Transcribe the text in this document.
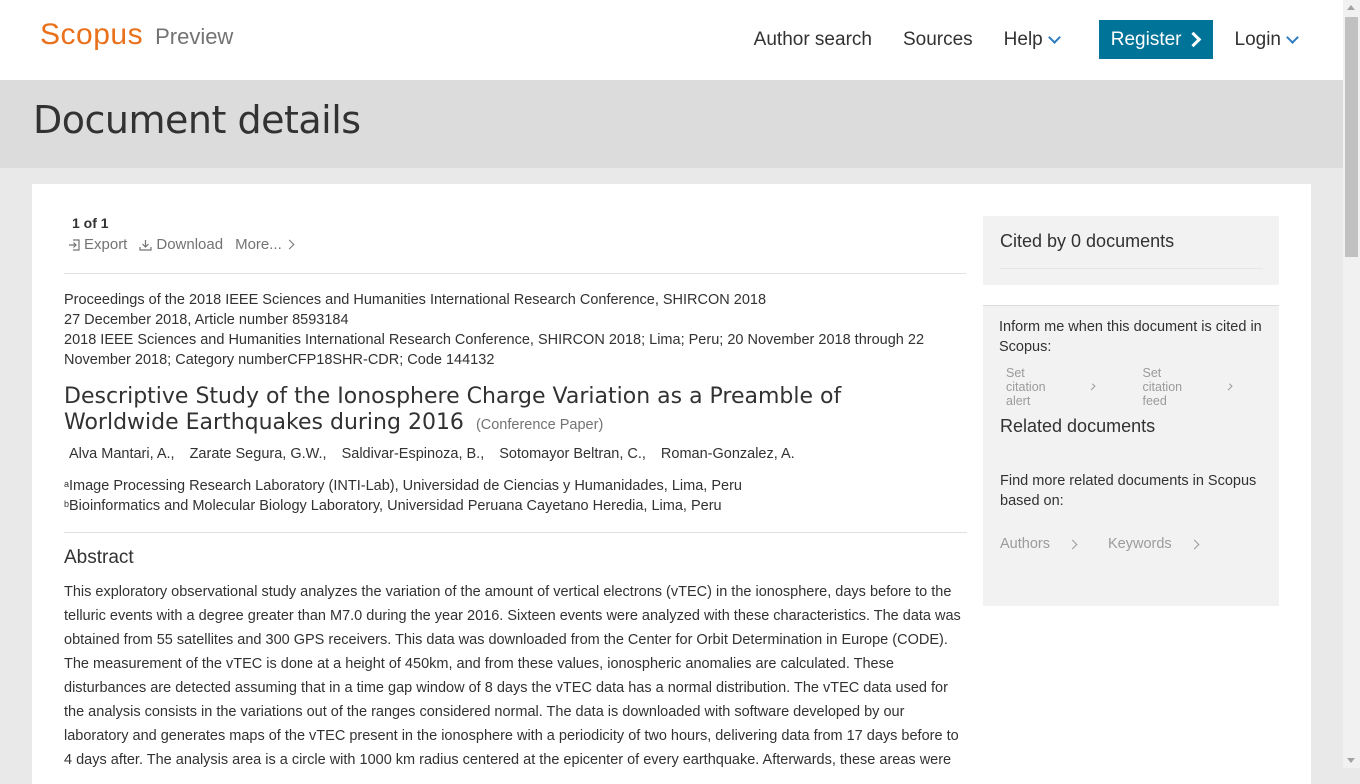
Scopus Preview	Author search Sources Help	Register	Login
Document details
1 of 1
Export Download More...
Proceedings of the 2018 IEEE Sciences and Humanities International Research Conference, SHIRCON 2018
27 December 2018, Article number 8593184
2018 IEEE Sciences and Humanities International Research Conference, SHIRCON 2018; Lima; Peru; 20 November 2018 through 22
November 2018; Category numberCFP18SHR-CDR; Code 144132
Descriptive Study of the Ionosphere Charge Variation as a Preamble of Worldwide Earthquakes during 2016 (Conference Paper)
Alva Mantari, A., Zarate Segura, G.W., Saldivar-Espinoza, B., Sotomayor Beltran, C., Roman-Gonzalez, A.
$^a$Image Processing Research Laboratory (INTI-Lab), Universidad de Ciencias y Humanidades, Lima, Peru
$^b$Bioinformatics and Molecular Biology Laboratory, Universidad Peruana Cayetano Heredia, Lima, Peru
Abstract
This exploratory observational study analyzes the variation of the amount of vertical electrons (vTEC) in the ionosphere, days before to the telluric events with a degree greater than M7.0 during the year 2016. Sixteen events were analyzed with these characteristics. The data was obtained from 55 satellites and 300 GPS receivers. This data was downloaded from the Center for Orbit Determination in Europe (CODE). The measurement of the vTEC is done at a height of 450km, and from these values, ionospheric anomalies are calculated. These disturbances are detected assuming that in a time gap window of 8 days the vTEC data has a normal distribution. The vTEC data used for the analysis consists in the variations out of the ranges considered normal. The data is downloaded with software developed by our laboratory and generates maps of the vTEC present in the ionosphere with a periodicity of two hours, delivering data from 17 days before to 4 days after. The analysis area is a circle with 1000 km radius centered at the epicenter of every earthquake. Afterwards, these areas were
Cited by 0 documents
Inform me when this document is cited in Scopus:
Set citation alert
Set citation feed
Related documents
Find more related documents in Scopus based on:
Authors	Keywords
